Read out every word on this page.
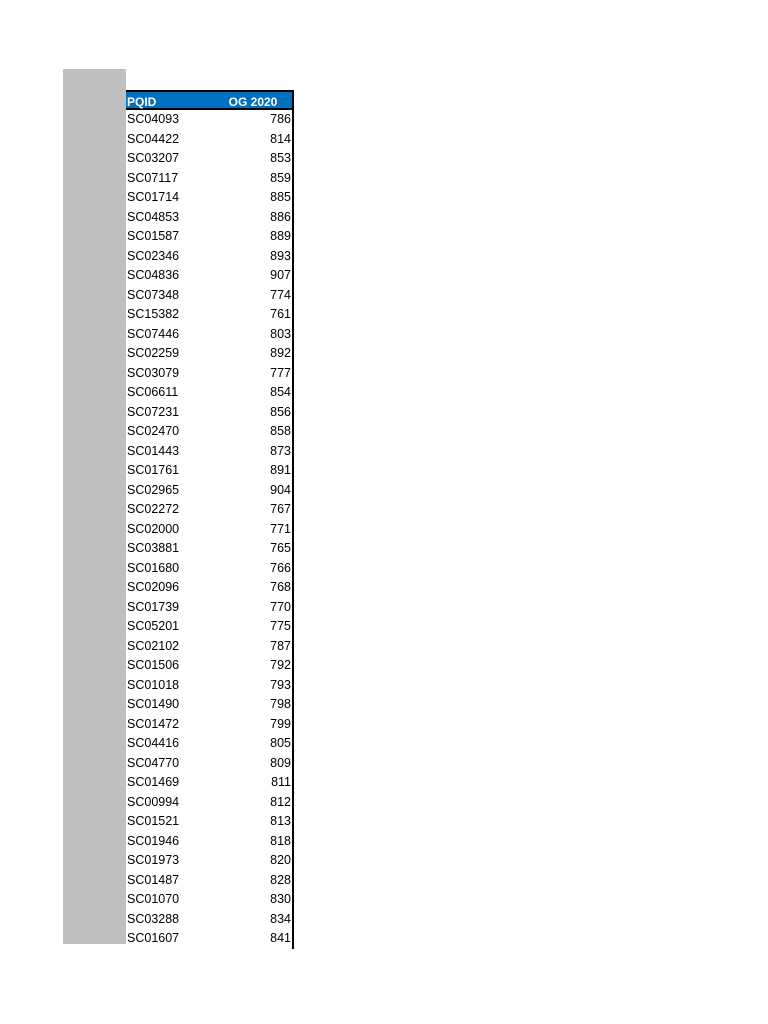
PQID	OG 2020
SC04093	786
SC04422	814
SC03207	853
SC07117	859
SC01714	885
SC04853	886
SC01587	889
SC02346	893
SC04836	907
SC07348	774
SC15382	761
SC07446	803
SC02259	892
SC03079	777
SC06611	854
SC07231	856
SC02470	858
SC01443	873
SC01761	891
SC02965	904
SC02272	767
SC02000	771
SC03881	765
SC01680	766
SC02096	768
SC01739	770
SC05201	775
SC02102	787
SC01506	792
SC01018	793
SC01490	798
SC01472	799
SC04416	805
SC04770	809
SC01469	811
SC00994	812
SC01521	813
SC01946	818
SC01973	820
SC01487	828
SC01070	830
SC03288	834
SC01607	841
